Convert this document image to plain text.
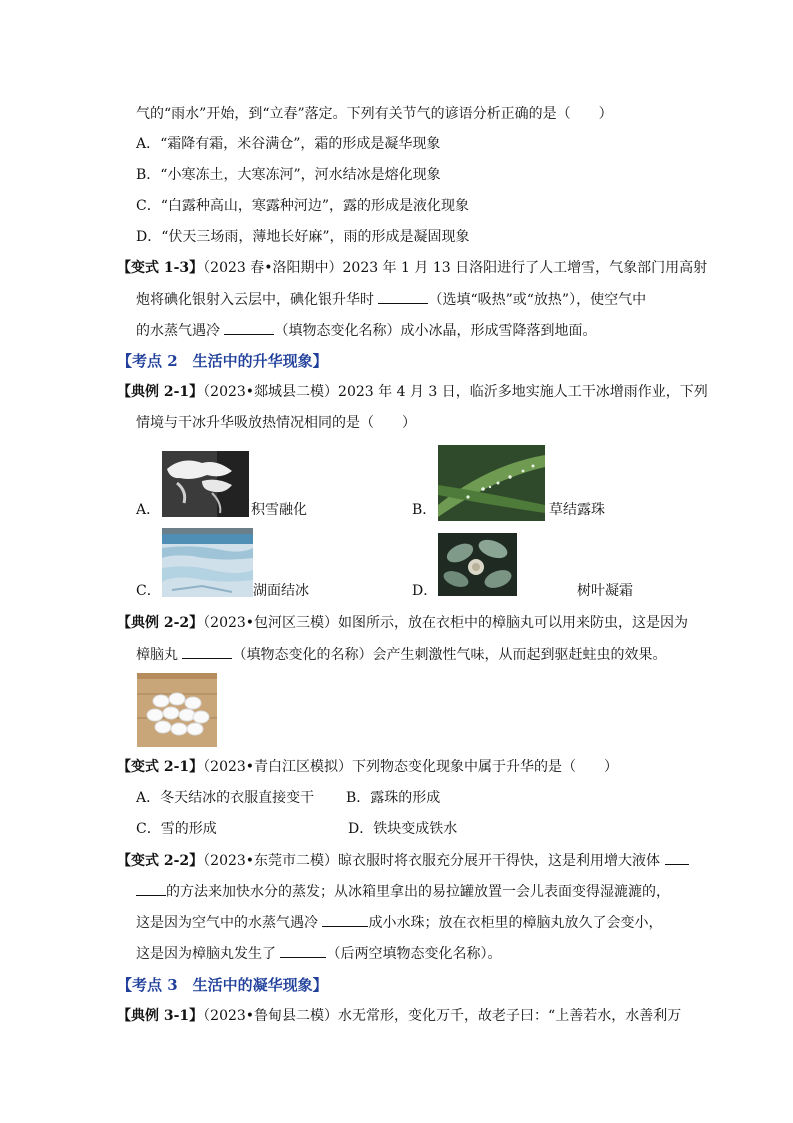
气的“雨水”开始，到“立春”落定。下列有关节气的谚语分析正确的是（　　）
A．“霜降有霜，米谷满仓”，霜的形成是凝华现象
B．“小寒冻土，大寒冻河”，河水结冰是熔化现象
C．“白露种高山，寒露种河边”，露的形成是液化现象
D．“伏天三场雨，薄地长好麻”，雨的形成是凝固现象
【变式 1-3】（2023 春•洛阳期中）2023 年 1 月 13 日洛阳进行了人工增雪，气象部门用高射
炮将碘化银射入云层中，碘化银升华时	（选填“吸热”或“放热”），使空气中
的水蒸气遇冷	（填物态变化名称）成小冰晶，形成雪降落到地面。
【考点 2　生活中的升华现象】
【典例 2-1】（2023•郯城县二模）2023 年 4 月 3 日，临沂多地实施人工干冰增雨作业，下列
情境与干冰升华吸放热情况相同的是（　　）
A．	积雪融化	B．	草结露珠
C．	湖面结冰	D．	树叶凝霜
【典例 2-2】（2023•包河区三模）如图所示，放在衣柜中的樟脑丸可以用来防虫，这是因为
樟脑丸	（填物态变化的名称）会产生刺激性气味，从而起到驱赶蛀虫的效果。
【变式 2-1】（2023•青白江区模拟）下列物态变化现象中属于升华的是（　　）
A．冬天结冰的衣服直接变干 B．露珠的形成
C．雪的形成	D．铁块变成铁水
【变式 2-2】（2023•东莞市二模）晾衣服时将衣服充分展开干得快，这是利用增大液体
的方法来加快水分的蒸发；从冰箱里拿出的易拉罐放置一会儿表面变得湿漉漉的，
这是因为空气中的水蒸气遇冷	成小水珠；放在衣柜里的樟脑丸放久了会变小，
这是因为樟脑丸发生了	（后两空填物态变化名称）。
【考点 3　生活中的凝华现象】
【典例 3-1】（2023•鲁甸县二模）水无常形，变化万千，故老子曰：“上善若水，水善利万
